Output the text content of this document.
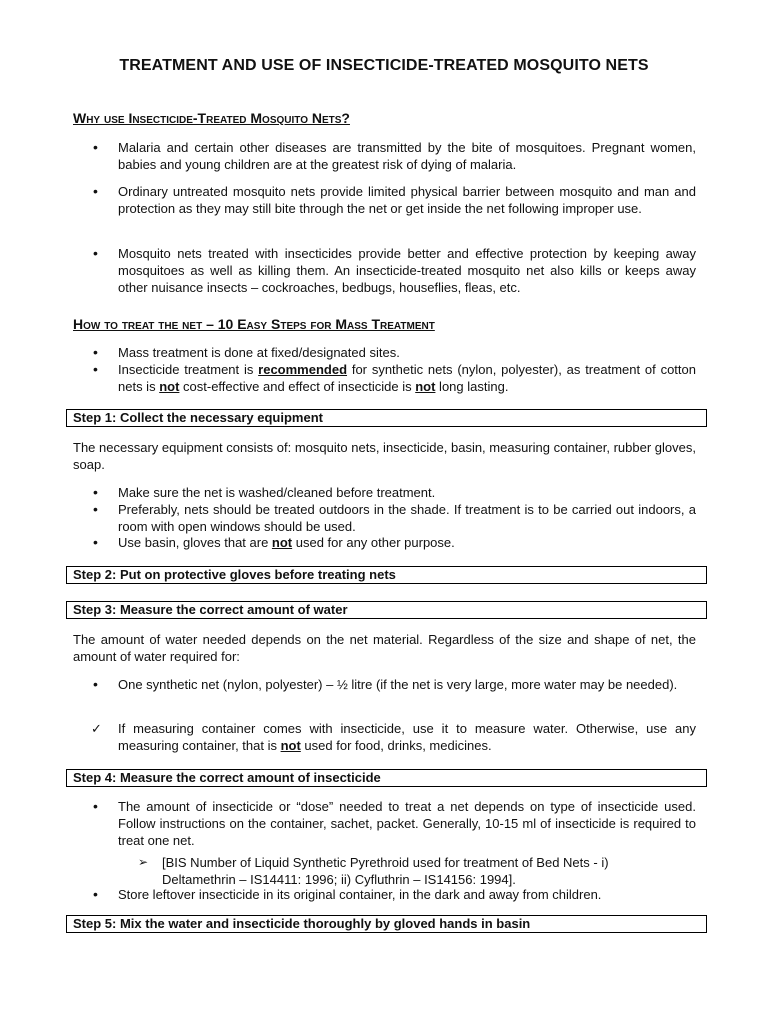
TREATMENT AND USE OF INSECTICIDE-TREATED MOSQUITO NETS
Why use Insecticide-Treated Mosquito Nets?
• Malaria and certain other diseases are transmitted by the bite of mosquitoes. Pregnant women, babies and young children are at the greatest risk of dying of malaria.
• Ordinary untreated mosquito nets provide limited physical barrier between mosquito and man and protection as they may still bite through the net or get inside the net following improper use.
• Mosquito nets treated with insecticides provide better and effective protection by keeping away mosquitoes as well as killing them. An insecticide-treated mosquito net also kills or keeps away other nuisance insects – cockroaches, bedbugs, houseflies, fleas, etc.
How to treat the net – 10 Easy Steps for Mass Treatment
• Mass treatment is done at fixed/designated sites.
• Insecticide treatment is recommended for synthetic nets (nylon, polyester), as treatment of cotton nets is not cost-effective and effect of insecticide is not long lasting.
Step 1: Collect the necessary equipment
The necessary equipment consists of: mosquito nets, insecticide, basin, measuring container, rubber gloves, soap.
• Make sure the net is washed/cleaned before treatment.
• Preferably, nets should be treated outdoors in the shade. If treatment is to be carried out indoors, a room with open windows should be used.
• Use basin, gloves that are not used for any other purpose.
Step 2: Put on protective gloves before treating nets
Step 3: Measure the correct amount of water
The amount of water needed depends on the net material. Regardless of the size and shape of net, the amount of water required for:
• One synthetic net (nylon, polyester) – ½ litre (if the net is very large, more water may be needed).
✓ If measuring container comes with insecticide, use it to measure water. Otherwise, use any measuring container, that is not used for food, drinks, medicines.
Step 4: Measure the correct amount of insecticide
• The amount of insecticide or “dose” needed to treat a net depends on type of insecticide used. Follow instructions on the container, sachet, packet. Generally, 10-15 ml of insecticide is required to treat one net.
➢ [BIS Number of Liquid Synthetic Pyrethroid used for treatment of Bed Nets - i) Deltamethrin – IS14411: 1996; ii) Cyfluthrin – IS14156: 1994].
• Store leftover insecticide in its original container, in the dark and away from children.
Step 5: Mix the water and insecticide thoroughly by gloved hands in basin
